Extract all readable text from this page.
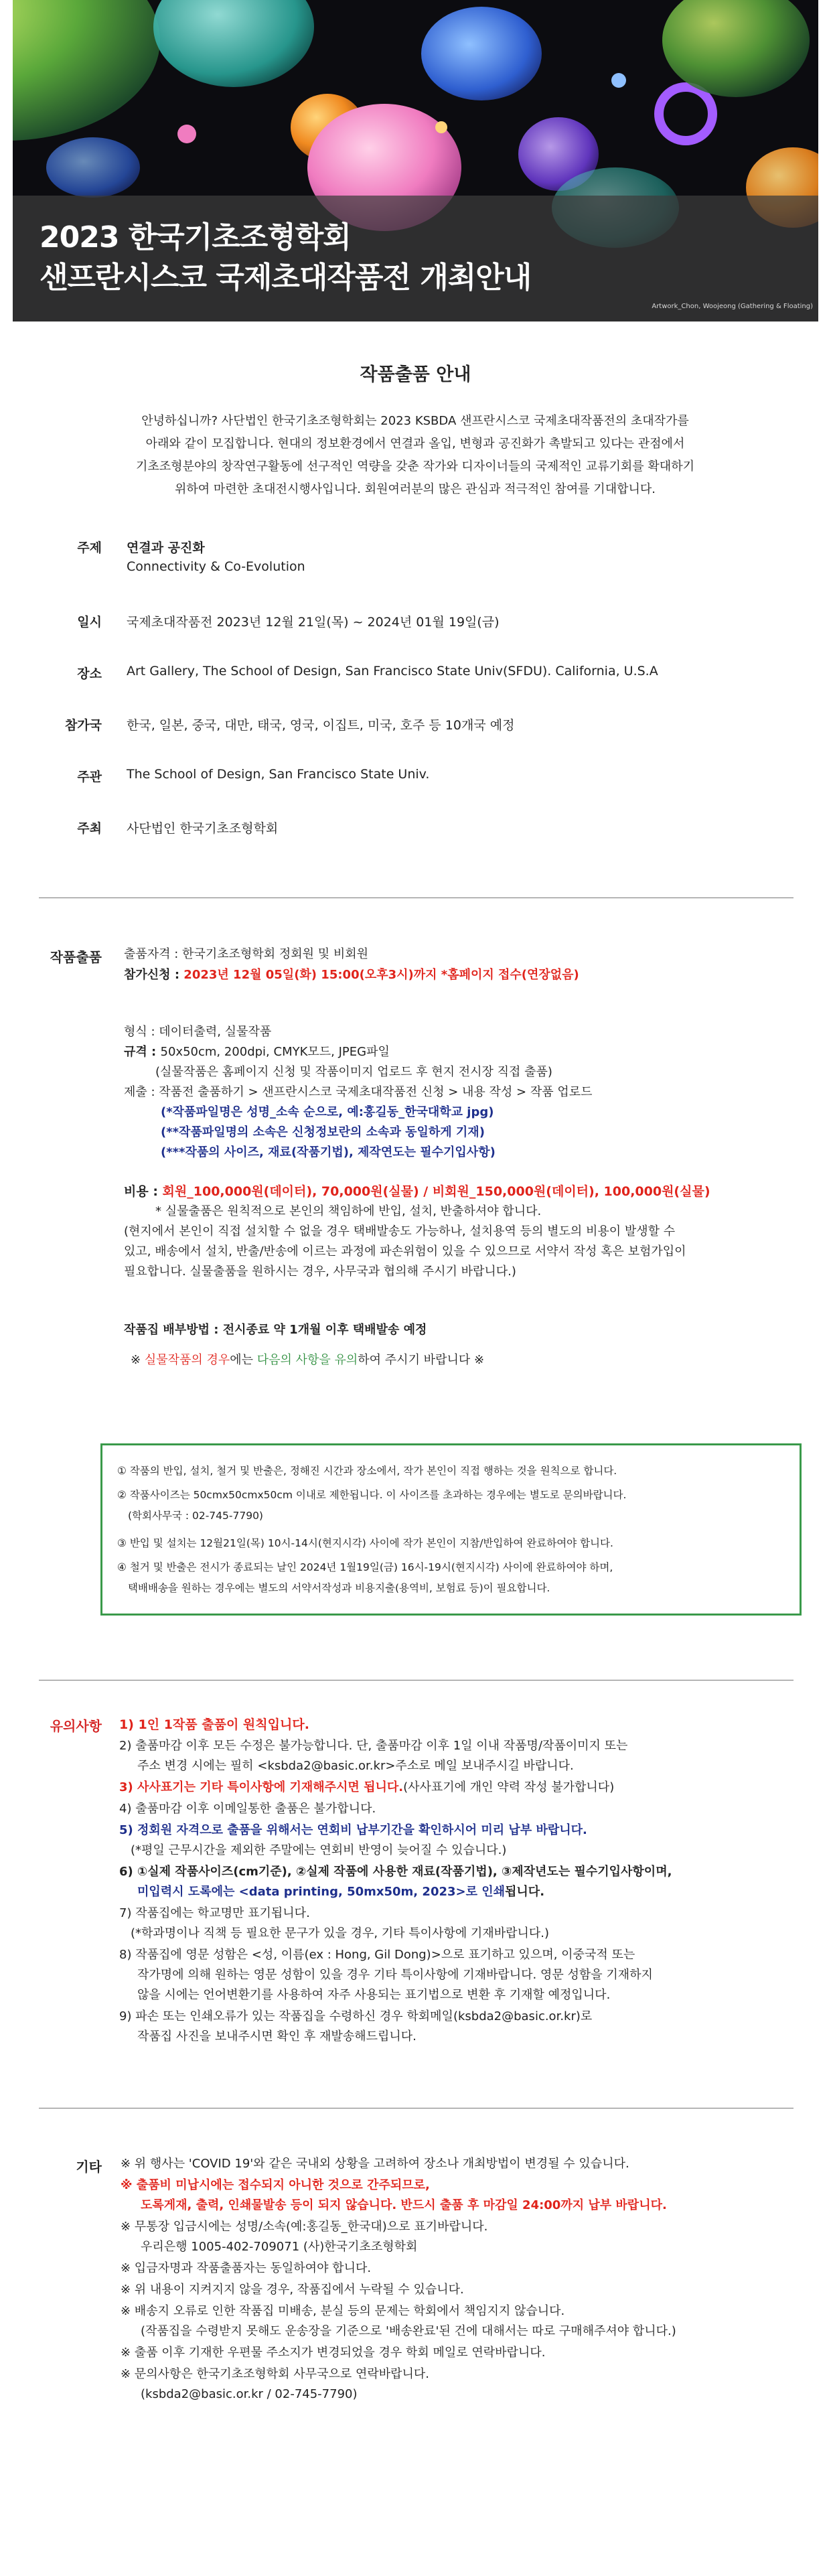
2023 한국기초조형학회
샌프란시스코 국제초대작품전 개최안내
Artwork_Chon, Woojeong (Gathering & Floating)
작품출품 안내

안녕하십니까? 사단법인 한국기초조형학회는 2023 KSBDA 샌프란시스코 국제초대작품전의 초대작가를

아래와 같이 모집합니다. 현대의 정보환경에서 연결과 올입, 변형과 공진화가 촉발되고 있다는 관점에서

기초조형분야의 창작연구활동에 선구적인 역량을 갖춘 작가와 디자이너들의 국제적인 교류기회를 확대하기

위하여 마련한 초대전시행사입니다. 회원여러분의 많은 관심과 적극적인 참여를 기대합니다.

주제 연결과 공진화
Connectivity & Co-Evolution
일시 국제초대작품전 2023년 12월 21일(목) ~ 2024년 01월 19일(금)
장소 Art Gallery, The School of Design, San Francisco State Univ(SFDU). California, U.S.A
참가국 한국, 일본, 중국, 대만, 태국, 영국, 이집트, 미국, 호주 등 10개국 예정
주관 The School of Design, San Francisco State Univ.
주최 사단법인 한국기초조형학회
작품출품 출품자격 : 한국기초조형학회 정회원 및 비회원
참가신청 : 2023년 12월 05일(화) 15:00(오후3시)까지 *홈페이지 접수(연장없음)
형식 : 데이터출력, 실물작품
규격 : 50x50cm, 200dpi, CMYK모드, JPEG파일
(실물작품은 홈페이지 신청 및 작품이미지 업로드 후 현지 전시장 직접 출품)
제출 : 작품전 출품하기 > 샌프란시스코 국제초대작품전 신청 > 내용 작성 > 작품 업로드
(*작품파일명은 성명_소속 순으로, 예:홍길동_한국대학교 jpg)
(**작품파일명의 소속은 신청정보란의 소속과 동일하게 기재)
(***작품의 사이즈, 재료(작품기법), 제작연도는 필수기입사항)
비용 : 회원_100,000원(데이터), 70,000원(실물) / 비회원_150,000원(데이터), 100,000원(실물)
* 실물출품은 원칙적으로 본인의 책임하에 반입, 설치, 반출하셔야 합니다.
(현지에서 본인이 직접 설치할 수 없을 경우 택배발송도 가능하나, 설치용역 등의 별도의 비용이 발생할 수
있고, 배송에서 설치, 반출/반송에 이르는 과정에 파손위험이 있을 수 있으므로 서약서 작성 혹은 보험가입이
필요합니다. 실물출품을 원하시는 경우, 사무국과 협의해 주시기 바랍니다.)
작품집 배부방법 : 전시종료 약 1개월 이후 택배발송 예정
※ 실물작품의 경우에는 다음의 사항을 유의하여 주시기 바랍니다 ※
① 작품의 반입, 설치, 철거 및 반출은, 정해진 시간과 장소에서, 작가 본인이 직접 행하는 것을 원칙으로 합니다.
② 작품사이즈는 50cmx50cmx50cm 이내로 제한됩니다. 이 사이즈를 초과하는 경우에는 별도로 문의바랍니다.
(학회사무국 : 02-745-7790)
③ 반입 및 설치는 12월21일(목) 10시-14시(현지시각) 사이에 작가 본인이 지참/반입하여 완료하여야 합니다.
④ 철거 및 반출은 전시가 종료되는 날인 2024년 1월19일(금) 16시-19시(현지시각) 사이에 완료하여야 하며,
택배배송을 원하는 경우에는 별도의 서약서작성과 비용지출(용역비, 보험료 등)이 필요합니다.
유의사항 1) 1인 1작품 출품이 원칙입니다.
2) 출품마감 이후 모든 수정은 불가능합니다. 단, 출품마감 이후 1일 이내 작품명/작품이미지 또는
주소 변경 시에는 필히 <ksbda2@basic.or.kr>주소로 메일 보내주시길 바랍니다.
3) 사사표기는 기타 특이사항에 기재해주시면 됩니다.(사사표기에 개인 약력 작성 불가합니다)
4) 출품마감 이후 이메일통한 출품은 불가합니다.
5) 정회원 자격으로 출품을 위해서는 연회비 납부기간을 확인하시어 미리 납부 바랍니다.
(*평일 근무시간을 제외한 주말에는 연회비 반영이 늦어질 수 있습니다.)
6) ①실제 작품사이즈(cm기준), ②실제 작품에 사용한 재료(작품기법), ③제작년도는 필수기입사항이며,
미입력시 도록에는 <data printing, 50mx50m, 2023>로 인쇄됩니다.
7) 작품집에는 학교명만 표기됩니다.
(*학과명이나 직책 등 필요한 문구가 있을 경우, 기타 특이사항에 기재바랍니다.)
8) 작품집에 영문 성함은 <성, 이름(ex : Hong, Gil Dong)>으로 표기하고 있으며, 이중국적 또는
작가명에 의해 원하는 영문 성함이 있을 경우 기타 특이사항에 기재바랍니다. 영문 성함을 기재하지
않을 시에는 언어변환기를 사용하여 자주 사용되는 표기법으로 변환 후 기재할 예정입니다.
9) 파손 또는 인쇄오류가 있는 작품집을 수령하신 경우 학회메일(ksbda2@basic.or.kr)로
작품집 사진을 보내주시면 확인 후 재발송해드립니다.
기타 ※ 위 행사는 'COVID 19'와 같은 국내외 상황을 고려하여 장소나 개최방법이 변경될 수 있습니다.
※ 출품비 미납시에는 접수되지 아니한 것으로 간주되므로,
도록게재, 출력, 인쇄물발송 등이 되지 않습니다. 반드시 출품 후 마감일 24:00까지 납부 바랍니다.
※ 무통장 입금시에는 성명/소속(예:홍길동_한국대)으로 표기바랍니다.
우리은행 1005-402-709071 (사)한국기초조형학회
※ 입금자명과 작품출품자는 동일하여야 합니다.
※ 위 내용이 지켜지지 않을 경우, 작품집에서 누락될 수 있습니다.
※ 배송지 오류로 인한 작품집 미배송, 분실 등의 문제는 학회에서 책임지지 않습니다.
(작품집을 수령받지 못해도 운송장을 기준으로 '배송완료'된 건에 대해서는 따로 구매해주셔야 합니다.)
※ 출품 이후 기재한 우편물 주소지가 변경되었을 경우 학회 메일로 연락바랍니다.
※ 문의사항은 한국기초조형학회 사무국으로 연락바랍니다.
(ksbda2@basic.or.kr / 02-745-7790)
